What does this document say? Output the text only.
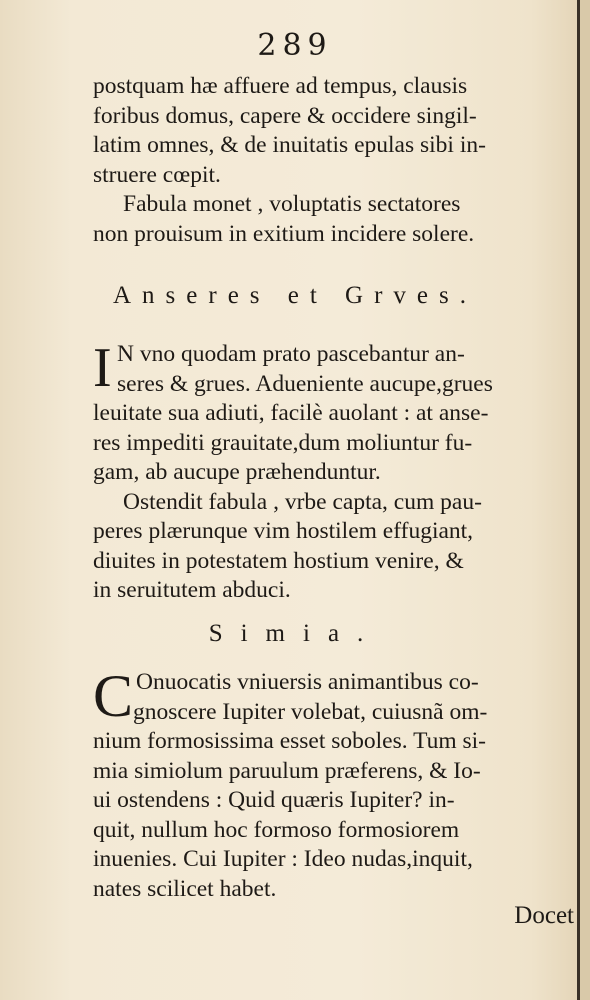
289
postquam hæ affuere ad tempus, clausis
foribus domus, capere & occidere singil-
latim omnes, & de inuitatis epulas sibi in-
struere cœpit.
Fabula monet , voluptatis sectatores
non prouisum in exitium incidere solere.
Anseres et Grves.
I N vno quodam prato pascebantur an-
seres & grues. Adueniente aucupe,grues
leuitate sua adiuti, facilè auolant : at anse-
res impediti grauitate,dum moliuntur fu-
gam, ab aucupe præhenduntur.
Ostendit fabula , vrbe capta, cum pau-
peres plærunque vim hostilem effugiant,
diuites in potestatem hostium venire, &
in seruitutem abduci.
Simia.
C Onuocatis vniuersis animantibus co-
gnoscere Iupiter volebat, cuiusnã om-
nium formosissima esset soboles. Tum si-
mia simiolum paruulum præferens, & Io-
ui ostendens : Quid quæris Iupiter? in-
quit, nullum hoc formoso formosiorem
inuenies. Cui Iupiter : Ideo nudas,inquit,
nates scilicet habet.
Docet
